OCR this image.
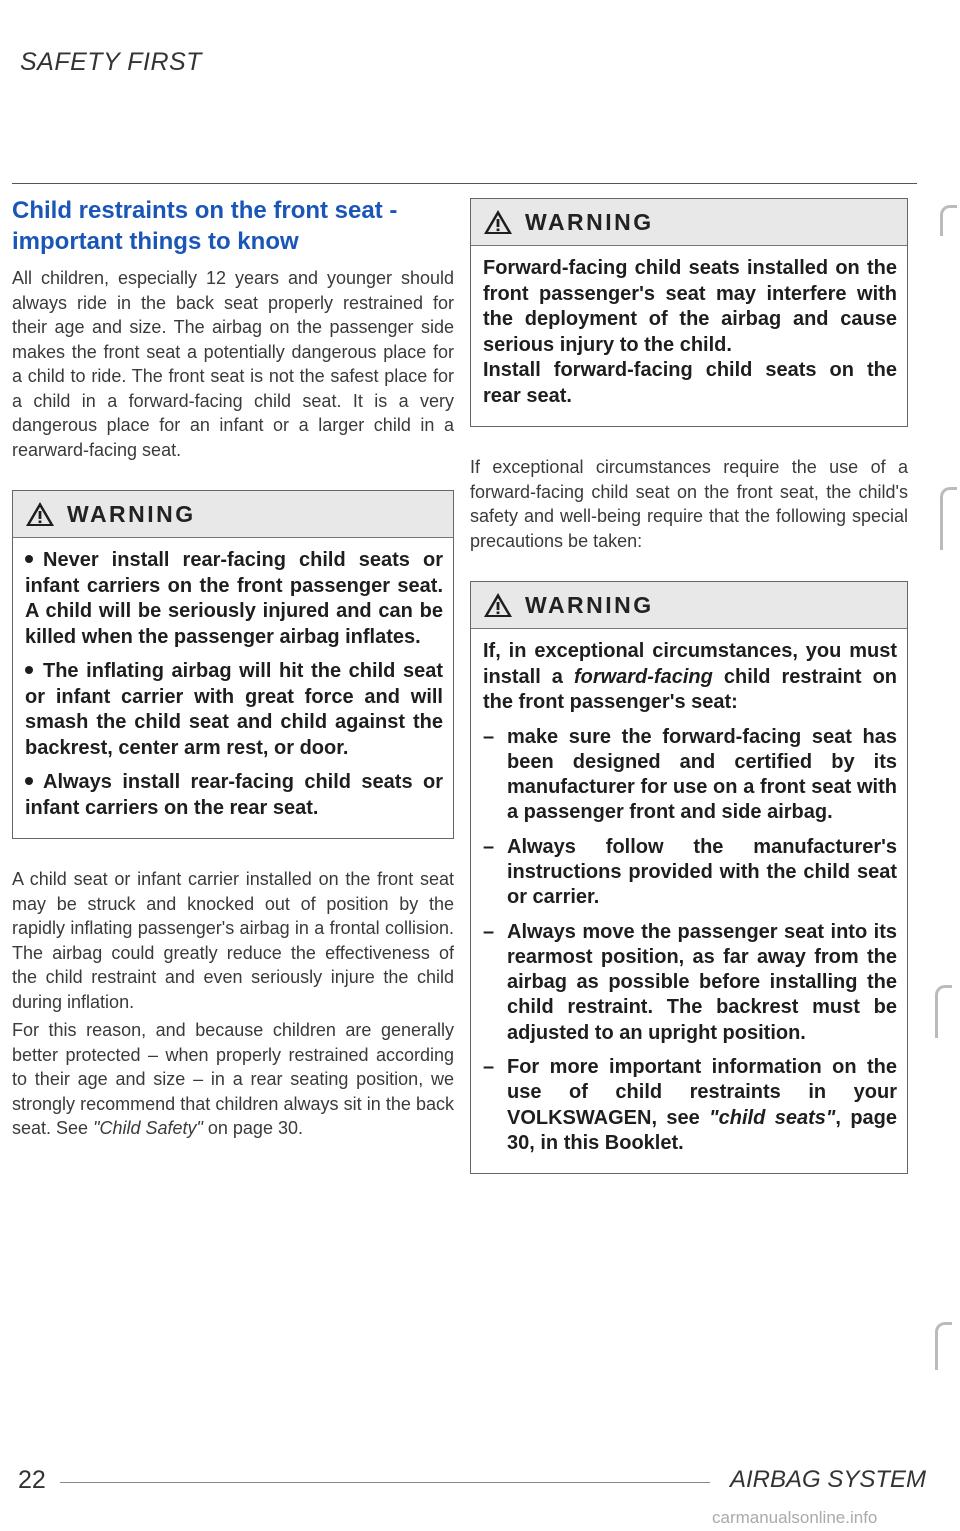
SAFETY FIRST
Child restraints on the front seat - important things to know

All children, especially 12 years and younger should always ride in the back seat properly restrained for their age and size. The airbag on the passenger side makes the front seat a potentially dangerous place for a child to ride. The front seat is not the safest place for a child in a forward-facing child seat. It is a very dangerous place for an infant or a larger child in a rearward-facing seat.

WARNING

Never install rear-facing child seats or infant carriers on the front passenger seat. A child will be seriously injured and can be killed when the passenger airbag inflates.

The inflating airbag will hit the child seat or infant carrier with great force and will smash the child seat and child against the backrest, center arm rest, or door.

Always install rear-facing child seats or infant carriers on the rear seat.

A child seat or infant carrier installed on the front seat may be struck and knocked out of position by the rapidly inflating passenger's airbag in a frontal collision. The airbag could greatly reduce the effectiveness of the child restraint and even seriously injure the child during inflation.

For this reason, and because children are generally better protected – when properly restrained according to their age and size – in a rear seating position, we strongly recommend that children always sit in the back seat. See "Child Safety" on page 30.

WARNING

Forward-facing child seats installed on the front passenger's seat may interfere with the deployment of the airbag and cause serious injury to the child.

Install forward-facing child seats on the rear seat.

If exceptional circumstances require the use of a forward-facing child seat on the front seat, the child's safety and well-being require that the following special precautions be taken:

WARNING

If, in exceptional circumstances, you must install a forward-facing child restraint on the front passenger's seat:

– make sure the forward-facing seat has been designed and certified by its manufacturer for use on a front seat with a passenger front and side airbag.
– Always follow the manufacturer's instructions provided with the child seat or carrier.
– Always move the passenger seat into its rearmost position, as far away from the airbag as possible before installing the child restraint. The backrest must be adjusted to an upright position.
– For more important information on the use of child restraints in your VOLKSWAGEN, see "child seats", page 30, in this Booklet.
22	AIRBAG SYSTEM
carmanualsonline.info
